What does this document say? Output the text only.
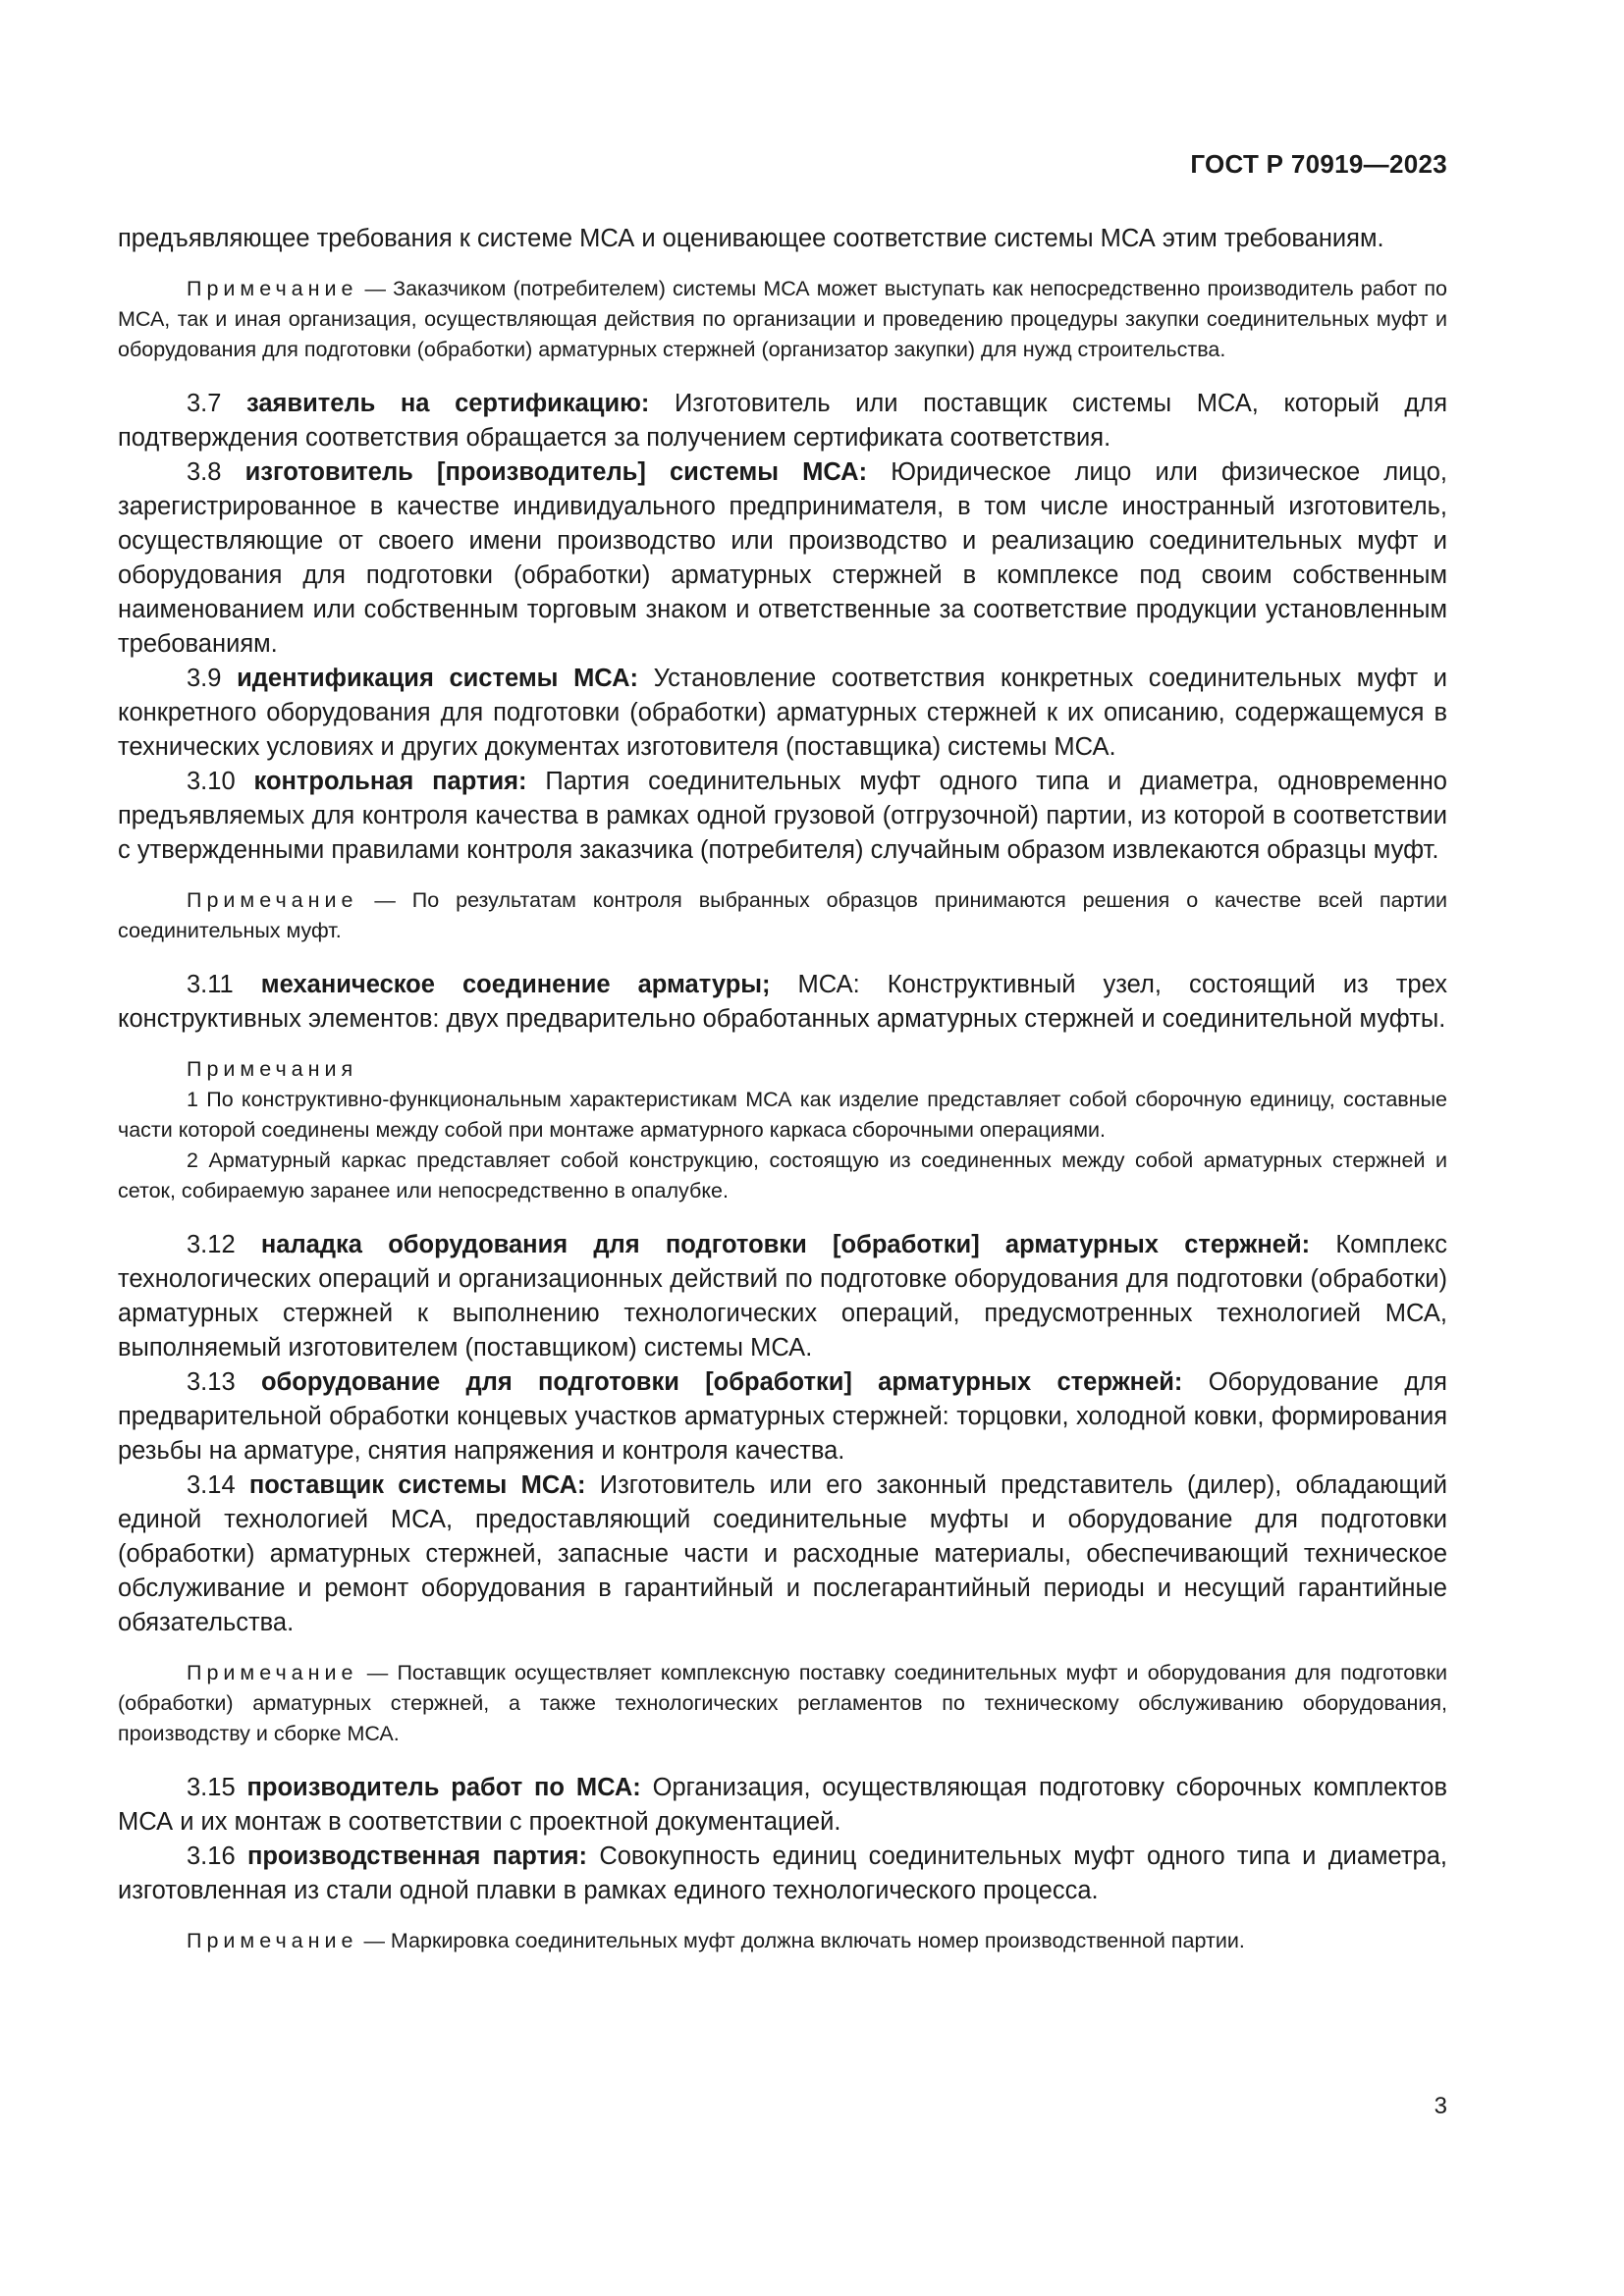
ГОСТ Р 70919—2023

предъявляющее требования к системе МСА и оценивающее соответствие системы МСА этим требованиям.

Примечание — Заказчиком (потребителем) системы МСА может выступать как непосредственно производитель работ по МСА, так и иная организация, осуществляющая действия по организации и проведению процедуры закупки соединительных муфт и оборудования для подготовки (обработки) арматурных стержней (организатор закупки) для нужд строительства.

3.7 заявитель на сертификацию: Изготовитель или поставщик системы МСА, который для подтверждения соответствия обращается за получением сертификата соответствия.

3.8 изготовитель [производитель] системы МСА: Юридическое лицо или физическое лицо, зарегистрированное в качестве индивидуального предпринимателя, в том числе иностранный изготовитель, осуществляющие от своего имени производство или производство и реализацию соединительных муфт и оборудования для подготовки (обработки) арматурных стержней в комплексе под своим собственным наименованием или собственным торговым знаком и ответственные за соответствие продукции установленным требованиям.

3.9 идентификация системы МСА: Установление соответствия конкретных соединительных муфт и конкретного оборудования для подготовки (обработки) арматурных стержней к их описанию, содержащемуся в технических условиях и других документах изготовителя (поставщика) системы МСА.

3.10 контрольная партия: Партия соединительных муфт одного типа и диаметра, одновременно предъявляемых для контроля качества в рамках одной грузовой (отгрузочной) партии, из которой в соответствии с утвержденными правилами контроля заказчика (потребителя) случайным образом извлекаются образцы муфт.

Примечание — По результатам контроля выбранных образцов принимаются решения о качестве всей партии соединительных муфт.

3.11 механическое соединение арматуры; МСА: Конструктивный узел, состоящий из трех конструктивных элементов: двух предварительно обработанных арматурных стержней и соединительной муфты.

Примечания

1 По конструктивно-функциональным характеристикам МСА как изделие представляет собой сборочную единицу, составные части которой соединены между собой при монтаже арматурного каркаса сборочными операциями.

2 Арматурный каркас представляет собой конструкцию, состоящую из соединенных между собой арматурных стержней и сеток, собираемую заранее или непосредственно в опалубке.

3.12 наладка оборудования для подготовки [обработки] арматурных стержней: Комплекс технологических операций и организационных действий по подготовке оборудования для подготовки (обработки) арматурных стержней к выполнению технологических операций, предусмотренных технологией МСА, выполняемый изготовителем (поставщиком) системы МСА.

3.13 оборудование для подготовки [обработки] арматурных стержней: Оборудование для предварительной обработки концевых участков арматурных стержней: торцовки, холодной ковки, формирования резьбы на арматуре, снятия напряжения и контроля качества.

3.14 поставщик системы МСА: Изготовитель или его законный представитель (дилер), обладающий единой технологией МСА, предоставляющий соединительные муфты и оборудование для подготовки (обработки) арматурных стержней, запасные части и расходные материалы, обеспечивающий техническое обслуживание и ремонт оборудования в гарантийный и послегарантийный периоды и несущий гарантийные обязательства.

Примечание — Поставщик осуществляет комплексную поставку соединительных муфт и оборудования для подготовки (обработки) арматурных стержней, а также технологических регламентов по техническому обслуживанию оборудования, производству и сборке МСА.

3.15 производитель работ по МСА: Организация, осуществляющая подготовку сборочных комплектов МСА и их монтаж в соответствии с проектной документацией.

3.16 производственная партия: Совокупность единиц соединительных муфт одного типа и диаметра, изготовленная из стали одной плавки в рамках единого технологического процесса.

Примечание — Маркировка соединительных муфт должна включать номер производственной партии.

3
